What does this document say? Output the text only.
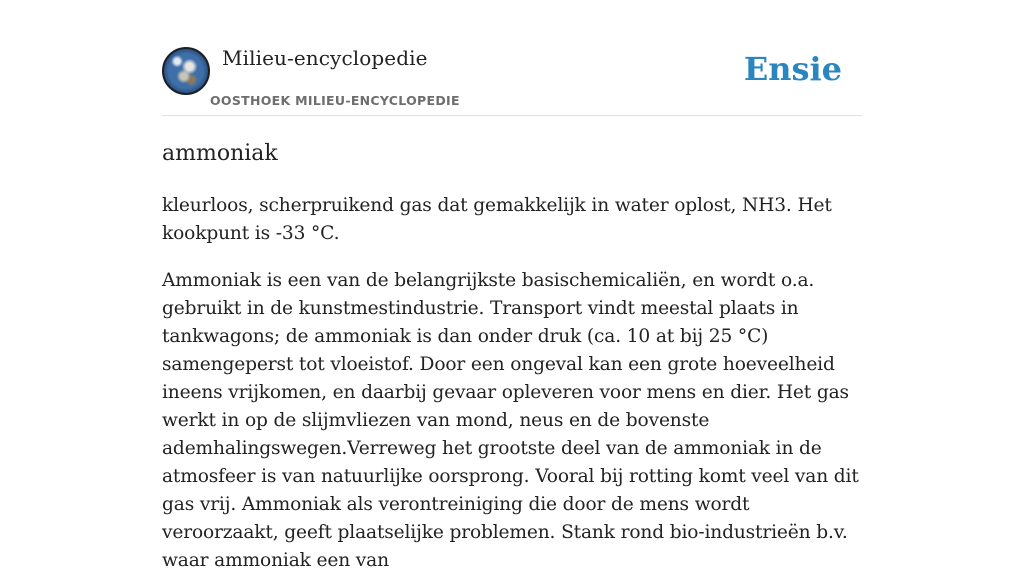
Milieu-encyclopedie
OOSTHOEK MILIEU-ENCYCLOPEDIE
Ensie
ammoniak

kleurloos, scherpruikend gas dat gemakkelijk in water oplost, NH3. Het kookpunt is -33 °C.

Ammoniak is een van de belangrijkste basischemicaliën, en wordt o.a. gebruikt in de kunstmestindustrie. Transport vindt meestal plaats in tankwagons; de ammoniak is dan onder druk (ca. 10 at bij 25 °C) samengeperst tot vloeistof. Door een ongeval kan een grote hoeveelheid ineens vrijkomen, en daarbij gevaar opleveren voor mens en dier. Het gas werkt in op de slijmvliezen van mond, neus en de bovenste ademhalingswegen.Verreweg het grootste deel van de ammoniak in de atmosfeer is van natuurlijke oorsprong. Vooral bij rotting komt veel van dit gas vrij. Ammoniak als verontreiniging die door de mens wordt veroorzaakt, geeft plaatselijke problemen. Stank rond bio-industrieën b.v. waar ammoniak een van
